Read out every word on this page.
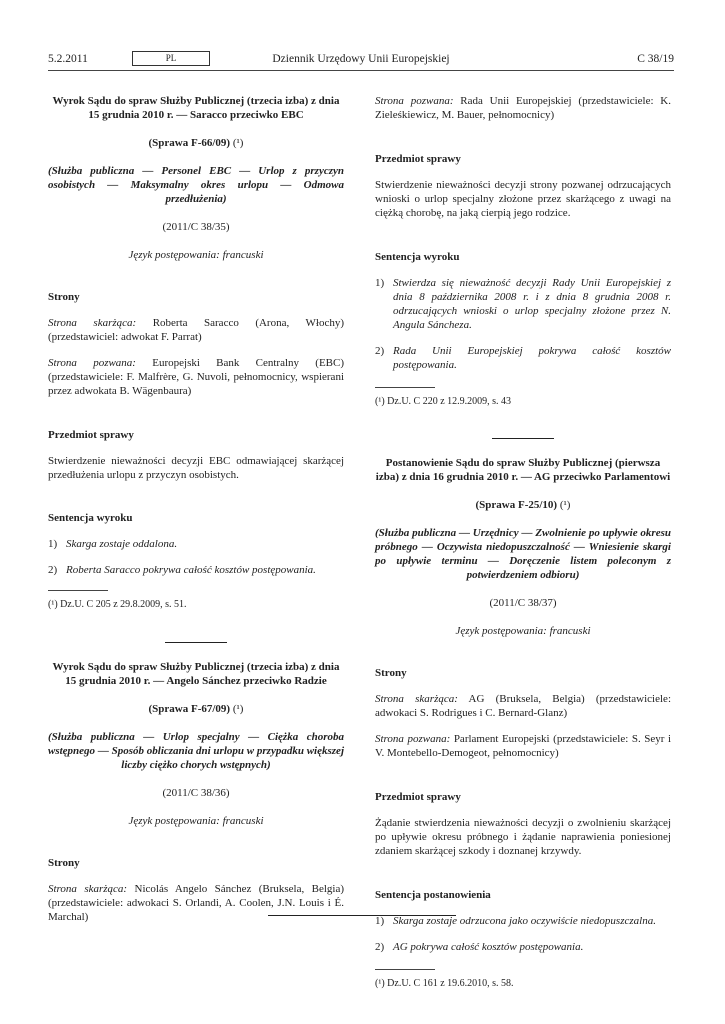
5.2.2011	PL	Dziennik Urzędowy Unii Europejskiej	C 38/19

Wyrok Sądu do spraw Służby Publicznej (trzecia izba) z dnia 15 grudnia 2010 r. — Saracco przeciwko EBC

(Sprawa F-66/09) (¹)

(Służba publiczna — Personel EBC — Urlop z przyczyn osobistych — Maksymalny okres urlopu — Odmowa przedłużenia)

(2011/C 38/35)

Język postępowania: francuski

Strony

Strona skarżąca: Roberta Saracco (Arona, Włochy) (przedstawiciel: adwokat F. Parrat)

Strona pozwana: Europejski Bank Centralny (EBC) (przedstawiciele: F. Malfrère, G. Nuvoli, pełnomocnicy, wspierani przez adwokata B. Wägenbaura)

Przedmiot sprawy

Stwierdzenie nieważności decyzji EBC odmawiającej skarżącej przedłużenia urlopu z przyczyn osobistych.

Sentencja wyroku

1) Skarga zostaje oddalona.
2) Roberta Saracco pokrywa całość kosztów postępowania.

(¹) Dz.U. C 205 z 29.8.2009, s. 51.

Wyrok Sądu do spraw Służby Publicznej (trzecia izba) z dnia 15 grudnia 2010 r. — Angelo Sánchez przeciwko Radzie

(Sprawa F-67/09) (¹)

(Służba publiczna — Urlop specjalny — Ciężka choroba wstępnego — Sposób obliczania dni urlopu w przypadku większej liczby ciężko chorych wstępnych)

(2011/C 38/36)

Język postępowania: francuski

Strony

Strona skarżąca: Nicolás Angelo Sánchez (Bruksela, Belgia) (przedstawiciele: adwokaci S. Orlandi, A. Coolen, J.N. Louis i É. Marchal)

Strona pozwana: Rada Unii Europejskiej (przedstawiciele: K. Zieleśkiewicz, M. Bauer, pełnomocnicy)

Przedmiot sprawy

Stwierdzenie nieważności decyzji strony pozwanej odrzucających wnioski o urlop specjalny złożone przez skarżącego z uwagi na ciężką chorobę, na jaką cierpią jego rodzice.

Sentencja wyroku

1) Stwierdza się nieważność decyzji Rady Unii Europejskiej z dnia 8 października 2008 r. i z dnia 8 grudnia 2008 r. odrzucających wnioski o urlop specjalny złożone przez N. Angula Sáncheza.
2) Rada Unii Europejskiej pokrywa całość kosztów postępowania.

(¹) Dz.U. C 220 z 12.9.2009, s. 43

Postanowienie Sądu do spraw Służby Publicznej (pierwsza izba) z dnia 16 grudnia 2010 r. — AG przeciwko Parlamentowi

(Sprawa F-25/10) (¹)

(Służba publiczna — Urzędnicy — Zwolnienie po upływie okresu próbnego — Oczywista niedopuszczalność — Wniesienie skargi po upływie terminu — Doręczenie listem poleconym z potwierdzeniem odbioru)

(2011/C 38/37)

Język postępowania: francuski

Strony

Strona skarżąca: AG (Bruksela, Belgia) (przedstawiciele: adwokaci S. Rodrigues i C. Bernard-Glanz)

Strona pozwana: Parlament Europejski (przedstawiciele: S. Seyr i V. Montebello-Demogeot, pełnomocnicy)

Przedmiot sprawy

Żądanie stwierdzenia nieważności decyzji o zwolnieniu skarżącej po upływie okresu próbnego i żądanie naprawienia poniesionej zdaniem skarżącej szkody i doznanej krzywdy.

Sentencja postanowienia

1) Skarga zostaje odrzucona jako oczywiście niedopuszczalna.
2) AG pokrywa całość kosztów postępowania.

(¹) Dz.U. C 161 z 19.6.2010, s. 58.
